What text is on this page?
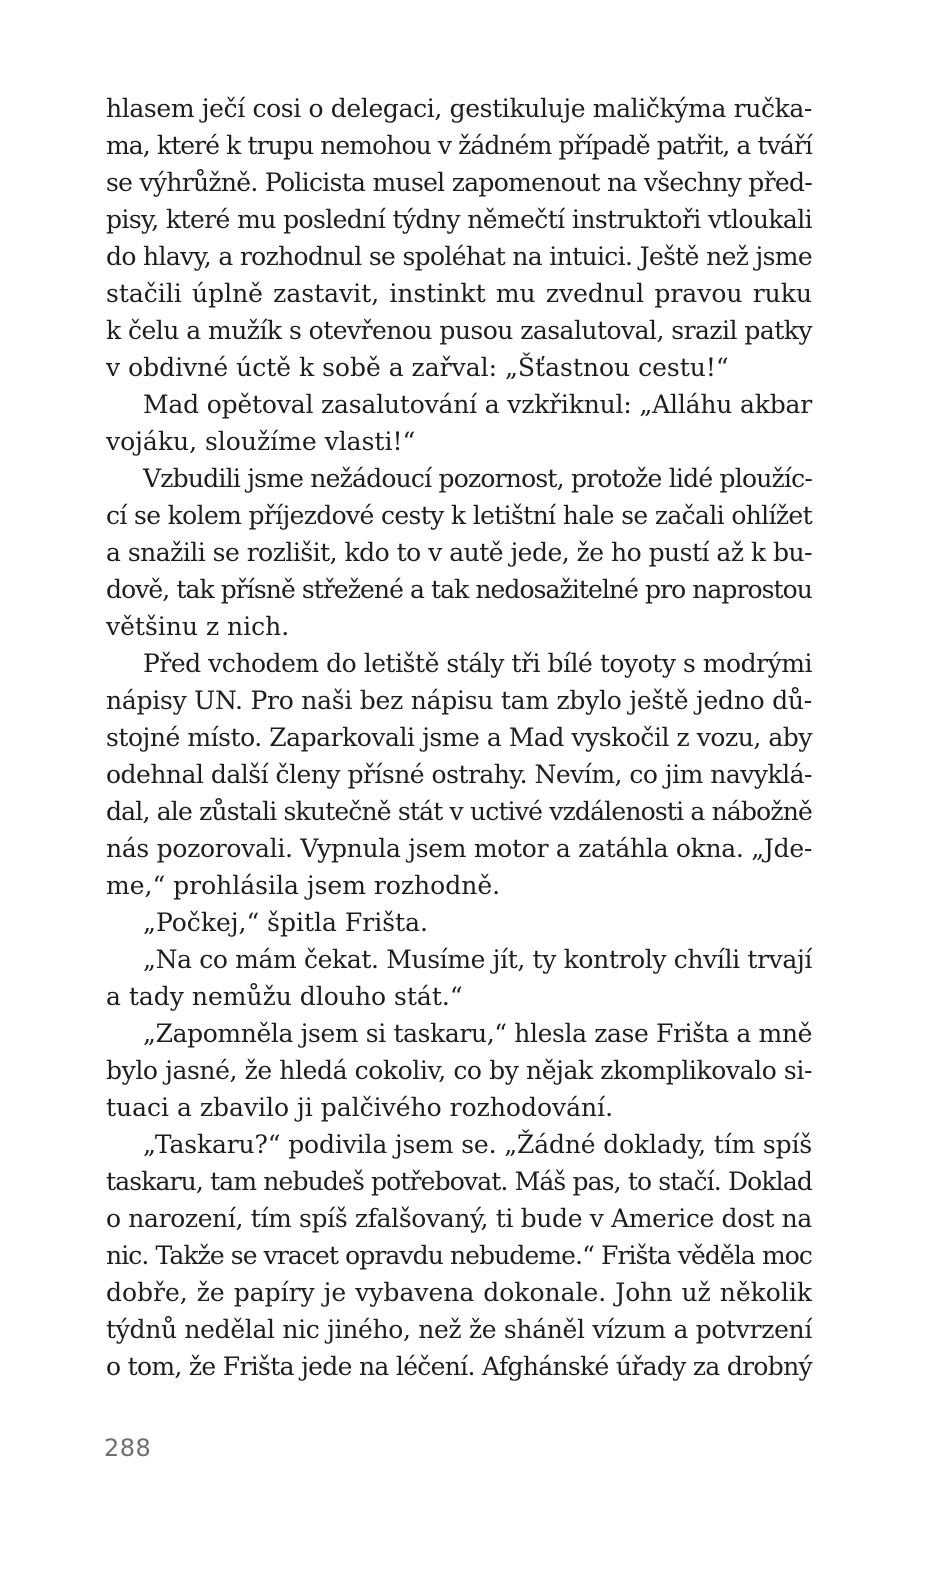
hlasem ječí cosi o delegaci, gestikuluje maličkýma ručka-
ma, které k trupu nemohou v žádném případě patřit, a tváří
se výhrůžně. Policista musel zapomenout na všechny před-
pisy, které mu poslední týdny němečtí instruktoři vtloukali
do hlavy, a rozhodnul se spoléhat na intuici. Ještě než jsme
stačili úplně zastavit, instinkt mu zvednul pravou ruku
k čelu a mužík s otevřenou pusou zasalutoval, srazil patky
v obdivné úctě k sobě a zařval: „Šťastnou cestu!“
Mad opětoval zasalutování a vzkřiknul: „Alláhu akbar
vojáku, sloužíme vlasti!“
Vzbudili jsme nežádoucí pozornost, protože lidé ploužíc-
cí se kolem příjezdové cesty k letištní hale se začali ohlížet
a snažili se rozlišit, kdo to v autě jede, že ho pustí až k bu-
dově, tak přísně střežené a tak nedosažitelné pro naprostou
většinu z nich.
Před vchodem do letiště stály tři bílé toyoty s modrými
nápisy UN. Pro naši bez nápisu tam zbylo ještě jedno dů-
stojné místo. Zaparkovali jsme a Mad vyskočil z vozu, aby
odehnal další členy přísné ostrahy. Nevím, co jim navyklá-
dal, ale zůstali skutečně stát v uctivé vzdálenosti a nábožně
nás pozorovali. Vypnula jsem motor a zatáhla okna. „Jde-
me,“ prohlásila jsem rozhodně.
„Počkej,“ špitla Frišta.
„Na co mám čekat. Musíme jít, ty kontroly chvíli trvají
a tady nemůžu dlouho stát.“
„Zapomněla jsem si taskaru,“ hlesla zase Frišta a mně
bylo jasné, že hledá cokoliv, co by nějak zkomplikovalo si-
tuaci a zbavilo ji palčivého rozhodování.
„Taskaru?“ podivila jsem se. „Žádné doklady, tím spíš
taskaru, tam nebudeš potřebovat. Máš pas, to stačí. Doklad
o narození, tím spíš zfalšovaný, ti bude v Americe dost na
nic. Takže se vracet opravdu nebudeme.“ Frišta věděla moc
dobře, že papíry je vybavena dokonale. John už několik
týdnů nedělal nic jiného, než že sháněl vízum a potvrzení
o tom, že Frišta jede na léčení. Afghánské úřady za drobný
288
